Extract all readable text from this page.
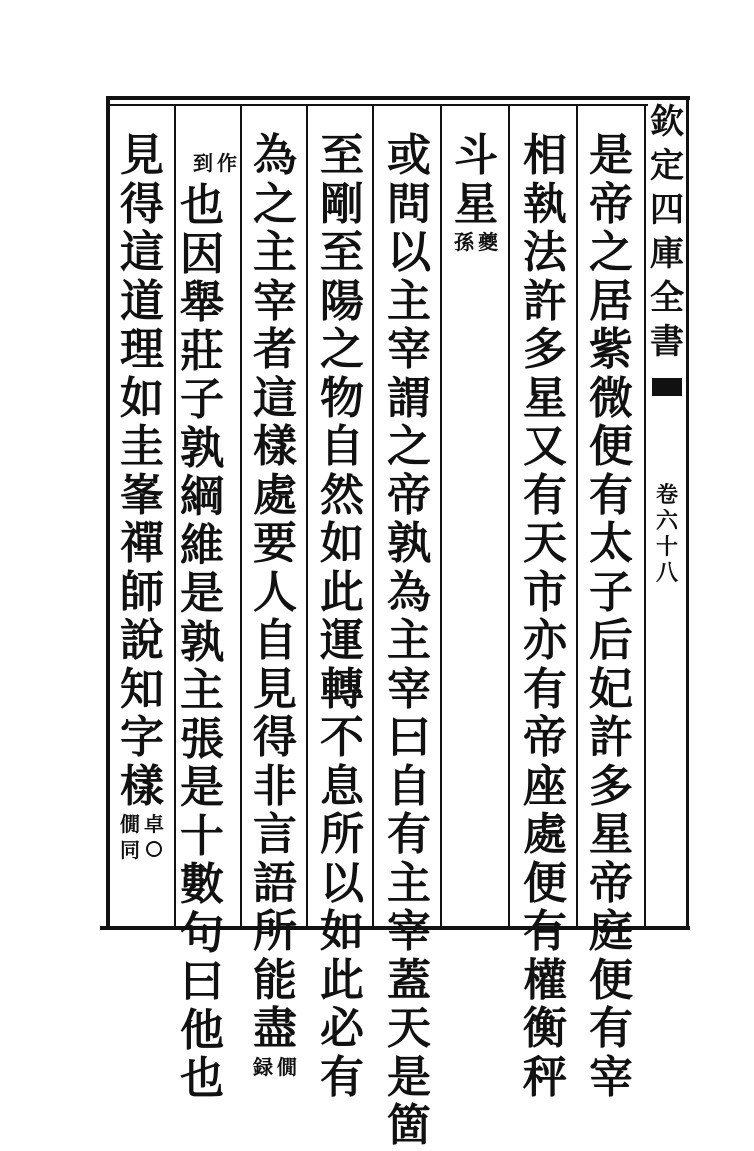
欽
定
四
庫
全
書
卷
六
十
八
是
帝
之
居
紫
微
便
有
太
子
后
妃
許
多
星
帝
庭
便
有
宰
相
執
法
許
多
星
又
有
天
市
亦
有
帝
座
處
便
有
權
衡
秤
斗
星
夔
孫
或
問
以
主
宰
謂
之
帝
孰
為
主
宰
曰
自
有
主
宰
蓋
天
是
箇
至
剛
至
陽
之
物
自
然
如
此
運
轉
不
息
所
以
如
此
必
有
為
之
主
宰
者
這
樣
處
要
人
自
見
得
非
言
語
所
能
盡
僩
録
作
到
也
因
舉
莊
子
孰
綱
維
是
孰
主
張
是
十
數
句
曰
他
也
見
得
這
道
理
如
圭
峯
禪
師
說
知
字
樣
卓
僩
同
